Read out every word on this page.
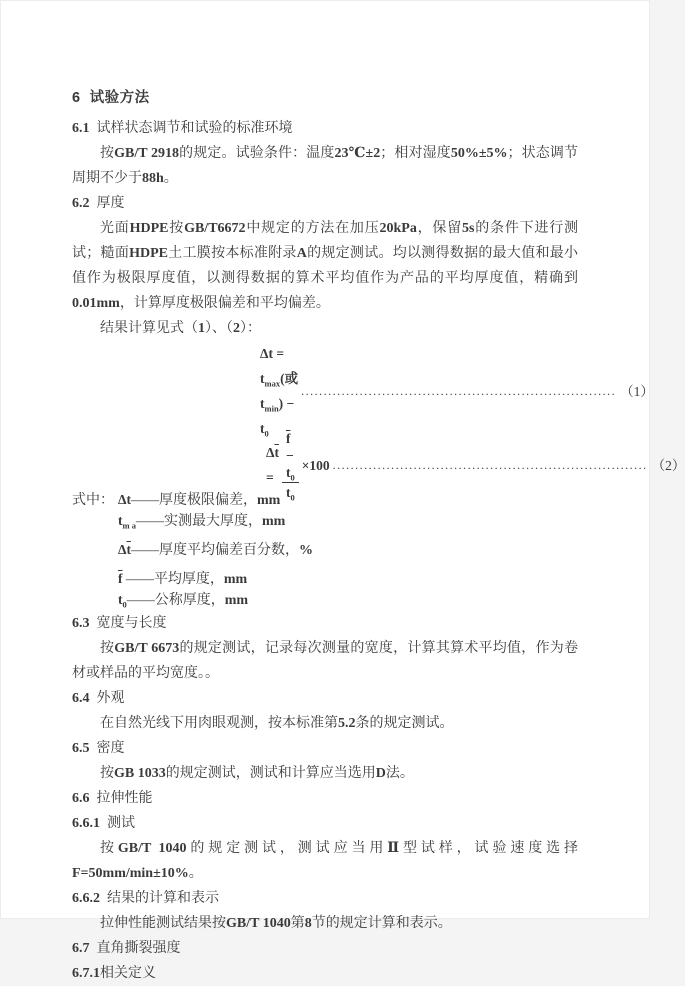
6  试验方法
6.1  试样状态调节和试验的标准环境

按GB/T 2918的规定。试验条件：温度23℃±2；相对湿度50%±5%；状态调节周期不少于88h。

6.2  厚度

光面HDPE按GB/T6672中规定的方法在加压20kPa，保留5s的条件下进行测试；糙面HDPE土工膜按本标准附录A的规定测试。均以测得数据的最大值和最小值作为极限厚度值，以测得数据的算术平均值作为产品的平均厚度值，精确到0.01mm，计算厚度极限偏差和平均偏差。

结果计算见式（1）、（2）：

$\Delta t = t_{max}$(或$t_{min}) - t_0$
...................................................................... （1）
$\Delta\overline{t} = \frac{\overline{f} - t_0}{t_0} \times 100$ ...................................................................... （2）
式中： Δt —— 厚度极限偏差，mm
$t_{m a}$ —— 实测最大厚度，mm
$\Delta\overline{t}$ —— 厚度平均偏差百分数，%
$\overline{f}$ —— 平均厚度，mm
$t_0$ —— 公称厚度，mm
6.3  宽度与长度

按GB/T 6673的规定测试，记录每次测量的宽度，计算其算术平均值，作为卷材或样品的平均宽度。。

6.4  外观

在自然光线下用肉眼观测，按本标准第5.2条的规定测试。

6.5  密度

按GB 1033的规定测试，测试和计算应当选用D法。

6.6  拉伸性能
6.6.1  测试

按GB/T 1040的规定测试，测试应当用Ⅱ型试样，试验速度选择  F=50mm/min±10%。

6.6.2  结果的计算和表示

拉伸性能测试结果按GB/T 1040第8节的规定计算和表示。

6.7  直角撕裂强度
6.7.1相关定义
